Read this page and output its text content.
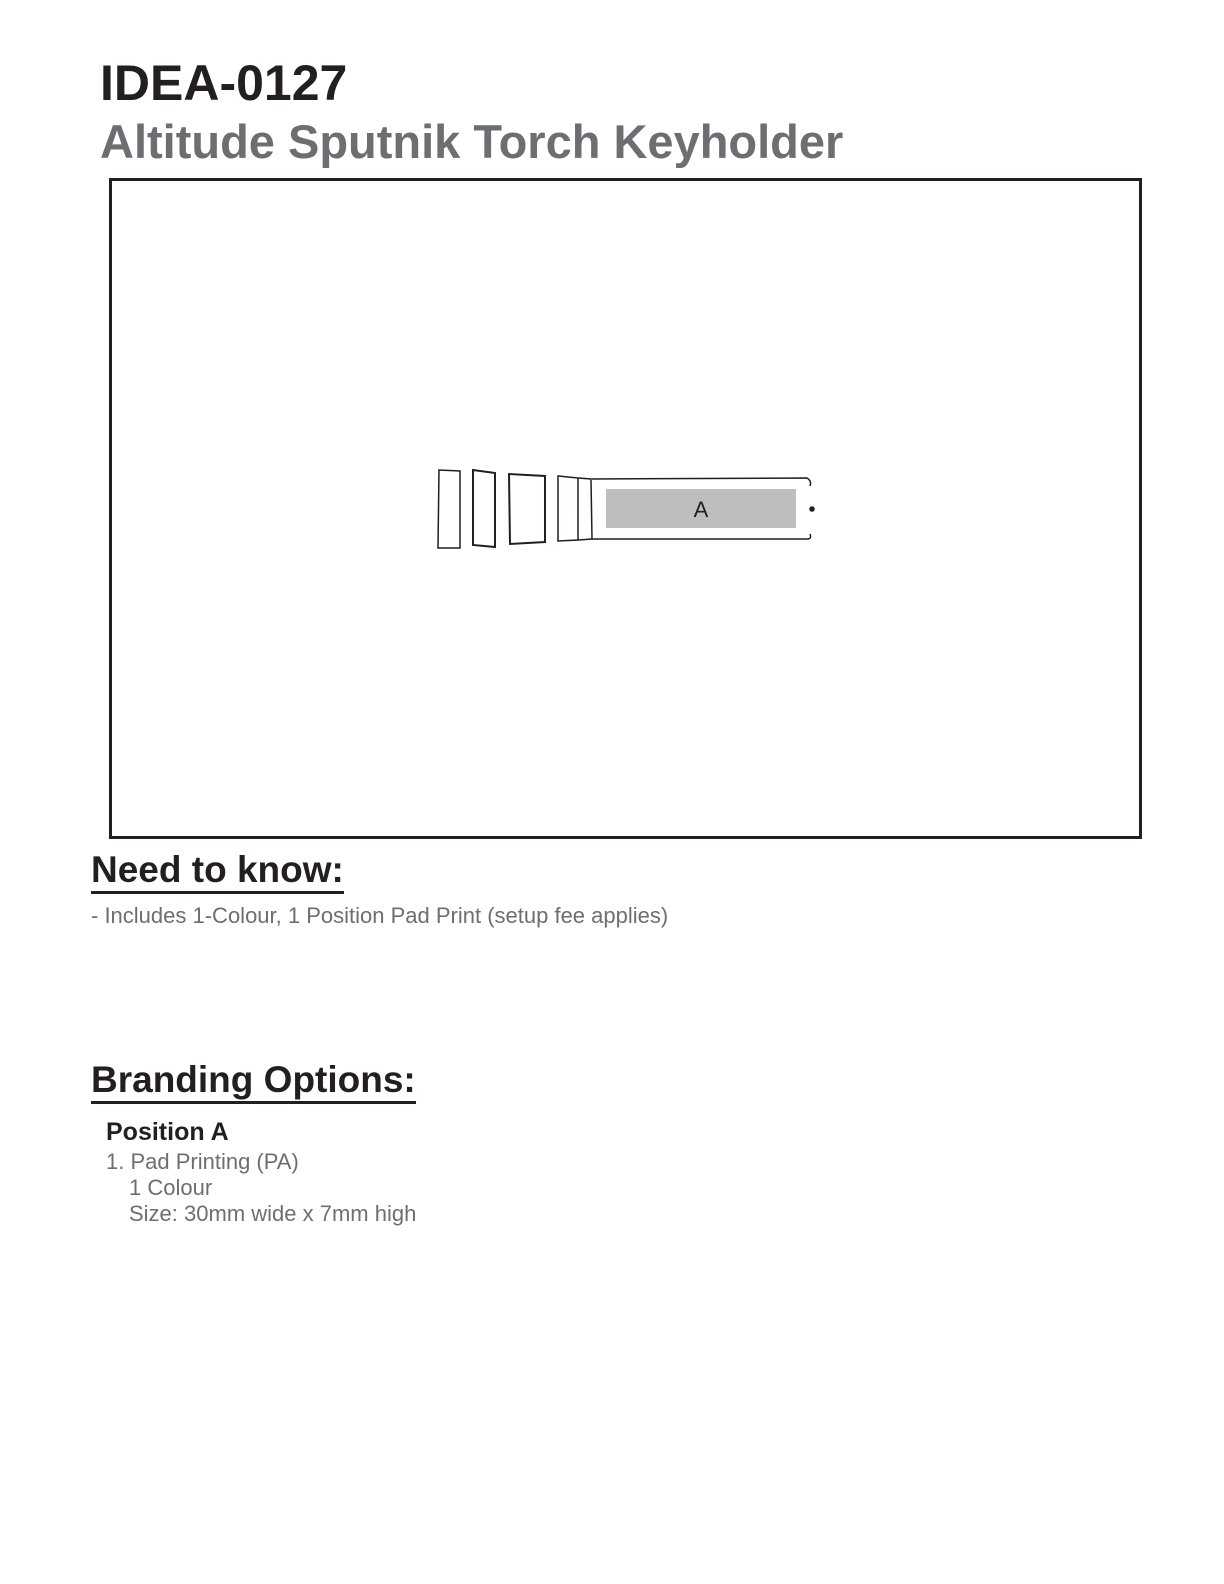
IDEA-0127
Altitude Sputnik Torch Keyholder
A
Need to know:

- Includes 1-Colour, 1 Position Pad Print (setup fee applies)

Branding Options:

Position A

1. Pad Printing (PA)

1 Colour

Size: 30mm wide x 7mm high
